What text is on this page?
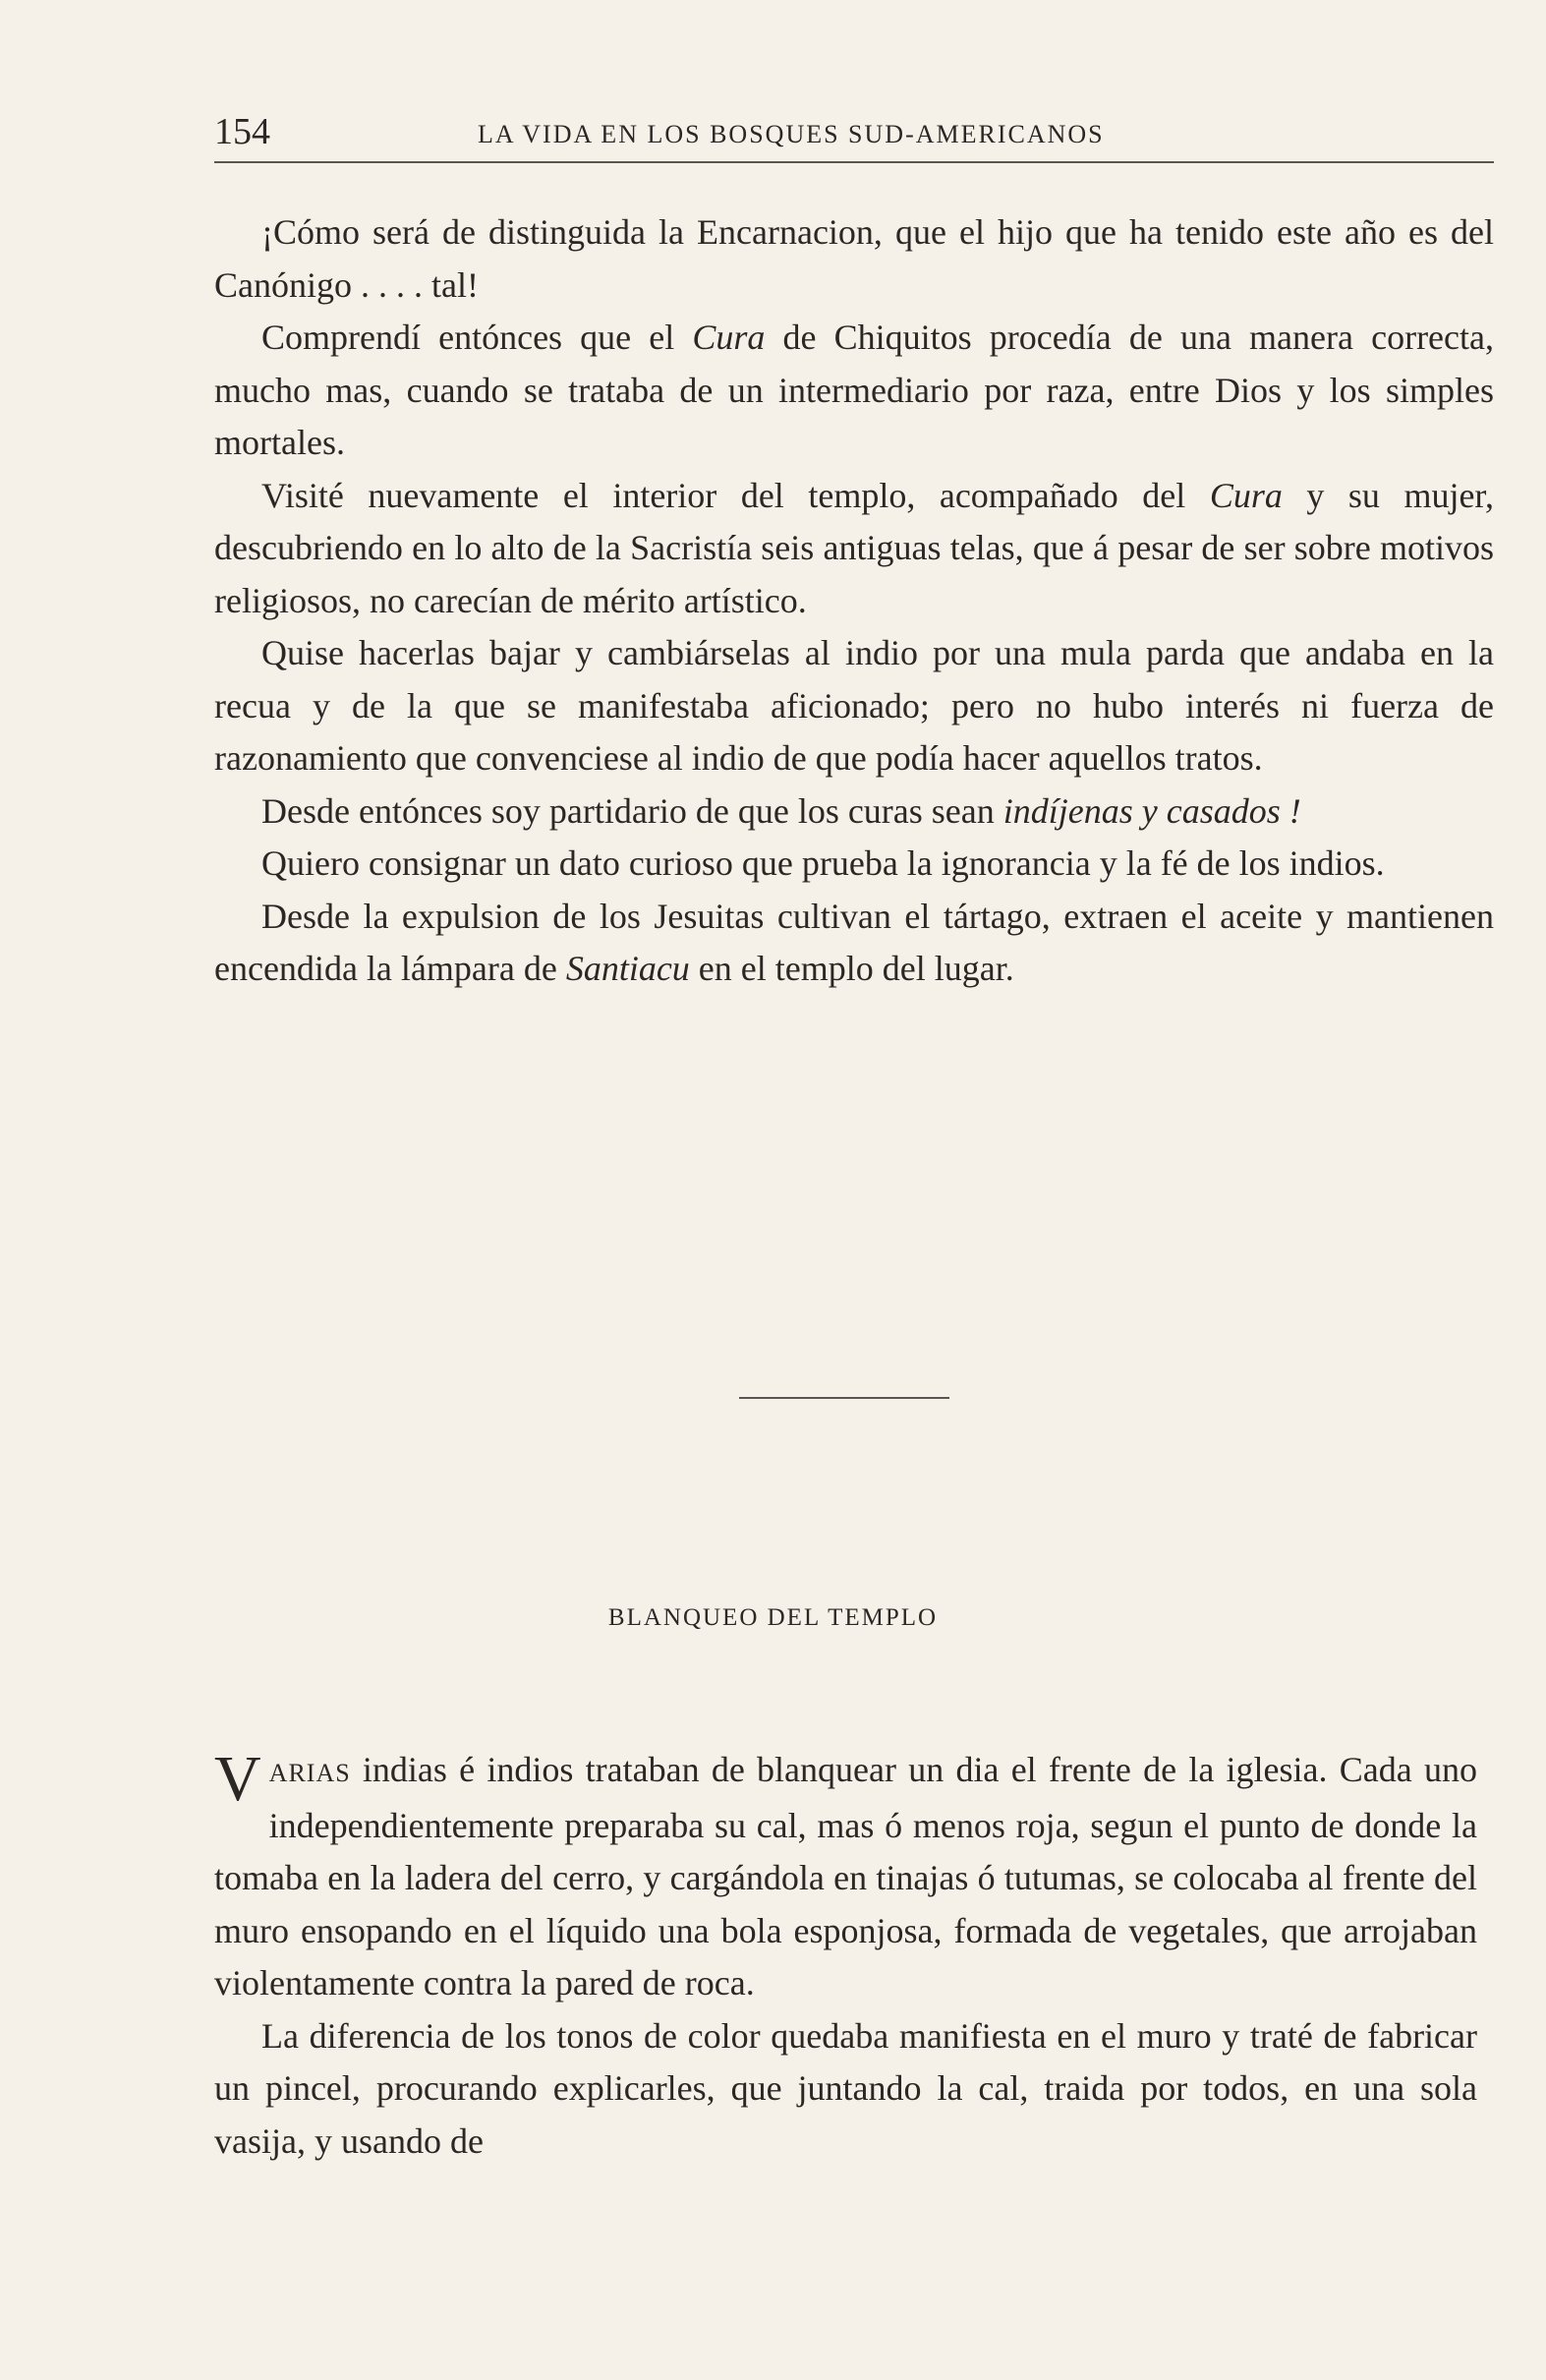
154	LA VIDA EN LOS BOSQUES SUD-AMERICANOS

¡Cómo será de distinguida la Encarnacion, que el hijo que ha tenido este año es del Canónigo . . . . tal!

Comprendí entónces que el Cura de Chiquitos procedía de una manera correcta, mucho mas, cuando se trataba de un intermediario por raza, entre Dios y los simples mortales.

Visité nuevamente el interior del templo, acompañado del Cura y su mujer, descubriendo en lo alto de la Sacristía seis antiguas telas, que á pesar de ser sobre motivos religiosos, no carecían de mérito artístico.

Quise hacerlas bajar y cambiárselas al indio por una mula parda que andaba en la recua y de la que se manifestaba aficionado; pero no hubo interés ni fuerza de razonamiento que convenciese al indio de que podía hacer aquellos tratos.

Desde entónces soy partidario de que los curas sean indíjenas y casados !

Quiero consignar un dato curioso que prueba la ignorancia y la fé de los indios.

Desde la expulsion de los Jesuitas cultivan el tártago, extraen el aceite y mantienen encendida la lámpara de Santiacu en el templo del lugar.

BLANQUEO DEL TEMPLO

VARIAS indias é indios trataban de blanquear un dia el frente de la iglesia. Cada uno independientemente preparaba su cal, mas ó menos roja, segun el punto de donde la tomaba en la ladera del cerro, y cargándola en tinajas ó tutumas, se colocaba al frente del muro ensopando en el líquido una bola esponjosa, formada de vegetales, que arrojaban violentamente contra la pared de roca.

La diferencia de los tonos de color quedaba manifiesta en el muro y traté de fabricar un pincel, procurando explicarles, que juntando la cal, traida por todos, en una sola vasija, y usando de
